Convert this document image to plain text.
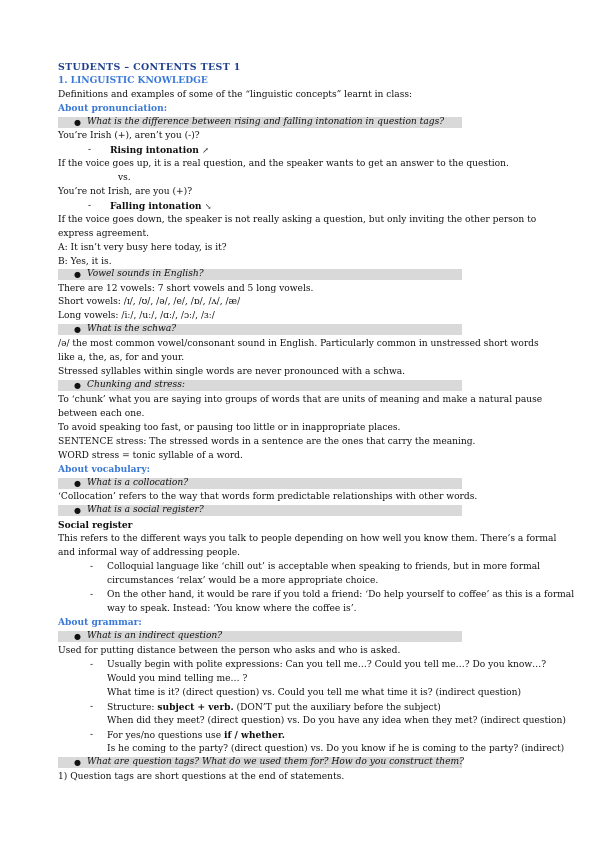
STUDENTS – CONTENTS TEST 1
1. LINGUISTIC KNOWLEDGE
Definitions and examples of some of the “linguistic concepts” learnt in class:
About pronunciation:
● What is the difference between rising and falling intonation in question tags?
You’re Irish (+), aren’t you (-)?
- Rising intonation ↗
If the voice goes up, it is a real question, and the speaker wants to get an answer to the question.
vs.
You’re not Irish, are you (+)?
- Falling intonation ↘
If the voice goes down, the speaker is not really asking a question, but only inviting the other person to
express agreement.
A: It isn’t very busy here today, is it?
B: Yes, it is.
● Vowel sounds in English?
There are 12 vowels: 7 short vowels and 5 long vowels.
Short vowels: /ɪ/, /ʊ/, /ə/, /e/, /ɒ/, /ʌ/, /æ/
Long vowels: /iː/, /uː/, /ɑː/, /ɔː/, /ɜː/
● What is the schwa?
/ə/ the most common vowel/consonant sound in English. Particularly common in unstressed short words
like a, the, as, for and your.
Stressed syllables within single words are never pronounced with a schwa.
● Chunking and stress:
To ‘chunk’ what you are saying into groups of words that are units of meaning and make a natural pause
between each one.
To avoid speaking too fast, or pausing too little or in inappropriate places.
SENTENCE stress: The stressed words in a sentence are the ones that carry the meaning.
WORD stress = tonic syllable of a word.
About vocabulary:
● What is a collocation?
‘Collocation’ refers to the way that words form predictable relationships with other words.
● What is a social register?
Social register
This refers to the different ways you talk to people depending on how well you know them. There’s a formal
and informal way of addressing people.
- Colloquial language like ‘chill out’ is acceptable when speaking to friends, but in more formal
circumstances ‘relax’ would be a more appropriate choice.
- On the other hand, it would be rare if you told a friend: ‘Do help yourself to coffee’ as this is a formal
way to speak. Instead: ‘You know where the coffee is’.
About grammar:
● What is an indirect question?
Used for putting distance between the person who asks and who is asked.
- Usually begin with polite expressions: Can you tell me…? Could you tell me…? Do you know…?
Would you mind telling me… ?
What time is it? (direct question) vs. Could you tell me what time it is? (indirect question)
- Structure: subject + verb. (DON’T put the auxiliary before the subject)
When did they meet? (direct question) vs. Do you have any idea when they met? (indirect question)
- For yes/no questions use if / whether.
Is he coming to the party? (direct question) vs. Do you know if he is coming to the party? (indirect)
● What are question tags? What do we used them for? How do you construct them?
1) Question tags are short questions at the end of statements.
